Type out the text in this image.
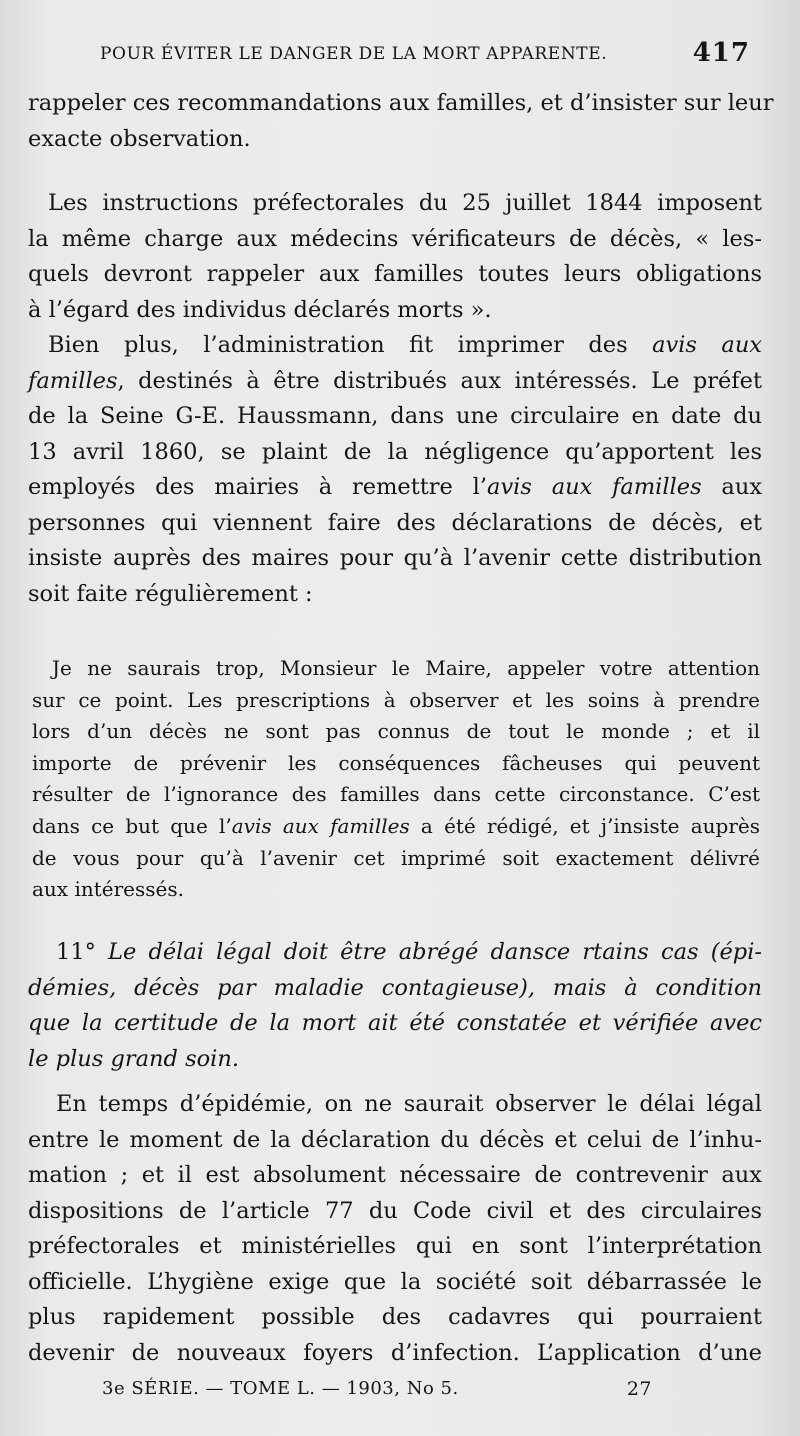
POUR ÉVITER LE DANGER DE LA MORT APPARENTE.	417
rappeler ces recommandations aux familles, et d’insister sur leur
exacte observation.
Les instructions préfectorales du 25 juillet 1844 imposent
la même charge aux médecins vérificateurs de décès, « les-
quels devront rappeler aux familles toutes leurs obligations
à l’égard des individus déclarés morts ».
Bien plus, l’administration fit imprimer des avis aux
familles, destinés à être distribués aux intéressés. Le préfet
de la Seine G-E. Haussmann, dans une circulaire en date du
13 avril 1860, se plaint de la négligence qu’apportent les
employés des mairies à remettre l’avis aux familles aux
personnes qui viennent faire des déclarations de décès, et
insiste auprès des maires pour qu’à l’avenir cette distribution
soit faite régulièrement :
Je ne saurais trop, Monsieur le Maire, appeler votre attention
sur ce point. Les prescriptions à observer et les soins à prendre
lors d’un décès ne sont pas connus de tout le monde ; et il
importe de prévenir les conséquences fâcheuses qui peuvent
résulter de l’ignorance des familles dans cette circonstance. C’est
dans ce but que l’avis aux familles a été rédigé, et j’insiste auprès
de vous pour qu’à l’avenir cet imprimé soit exactement délivré
aux intéressés.
11° Le délai légal doit être abrégé dansce rtains cas (épi-
démies, décès par maladie contagieuse), mais à condition
que la certitude de la mort ait été constatée et vérifiée avec
le plus grand soin.
En temps d’épidémie, on ne saurait observer le délai légal
entre le moment de la déclaration du décès et celui de l’inhu-
mation ; et il est absolument nécessaire de contrevenir aux
dispositions de l’article 77 du Code civil et des circulaires
préfectorales et ministérielles qui en sont l’interprétation
officielle. L’hygiène exige que la société soit débarrassée le
plus rapidement possible des cadavres qui pourraient
devenir de nouveaux foyers d’infection. L’application d’une
3e SÉRIE. — TOME L. — 1903, No 5.	27
